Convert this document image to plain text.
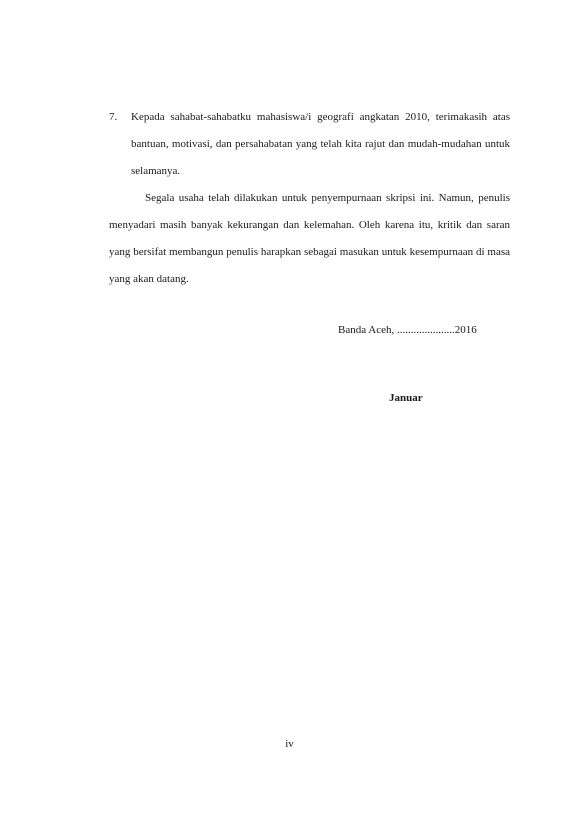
7. Kepada sahabat-sahabatku mahasiswa/i geografi angkatan 2010, terimakasih atas bantuan, motivasi, dan persahabatan yang telah kita rajut dan mudah-mudahan untuk selamanya.

Segala usaha telah dilakukan untuk penyempurnaan skripsi ini. Namun, penulis menyadari masih banyak kekurangan dan kelemahan. Oleh karena itu, kritik dan saran yang bersifat membangun penulis harapkan sebagai masukan untuk kesempurnaan di masa yang akan datang.

Banda Aceh, .....................2016
Januar
iv
